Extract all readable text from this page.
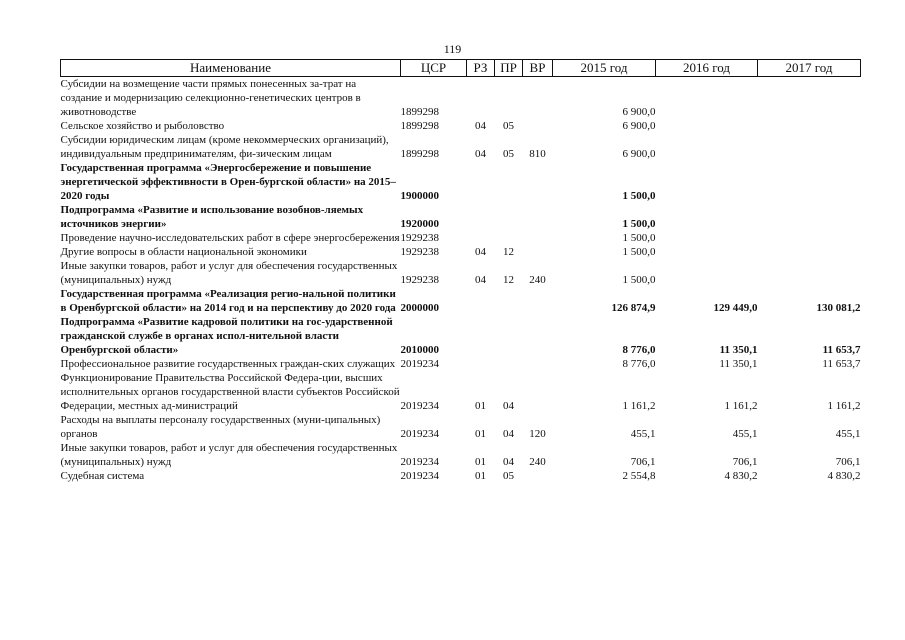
119
Наименование	ЦСР	РЗ	ПР	ВР	2015 год	2016 год	2017 год
Субсидии на возмещение части прямых понесенных за-трат на создание и модернизацию селекционно-генетических центров в животноводстве	1899298				6 900,0		
Сельское хозяйство и рыболовство	1899298	04	05		6 900,0		
Субсидии юридическим лицам (кроме некоммерческих организаций), индивидуальным предпринимателям, фи-зическим лицам	1899298	04	05	810	6 900,0		
Государственная программа «Энергосбережение и повышение энергетической эффективности в Орен-бургской области» на 2015–2020 годы	1900000				1 500,0		
Подпрограмма «Развитие и использование возобнов-ляемых источников энергии»	1920000				1 500,0		
Проведение научно-исследовательских работ в сфере энергосбережения	1929238				1 500,0		
Другие вопросы в области национальной экономики	1929238	04	12		1 500,0		
Иные закупки товаров, работ и услуг для обеспечения государственных (муниципальных) нужд	1929238	04	12	240	1 500,0		
Государственная программа «Реализация регио-нальной политики в Оренбургской области» на 2014 год и на перспективу до 2020 года	2000000				126 874,9	129 449,0	130 081,2
Подпрограмма «Развитие кадровой политики на гос-ударственной гражданской службе в органах испол-нительной власти Оренбургской области»	2010000				8 776,0	11 350,1	11 653,7
Профессиональное развитие государственных граждан-ских служащих	2019234				8 776,0	11 350,1	11 653,7
Функционирование Правительства Российской Федера-ции, высших исполнительных органов государственной власти субъектов Российской Федерации, местных ад-министраций	2019234	01	04		1 161,2	1 161,2	1 161,2
Расходы на выплаты персоналу государственных (муни-ципальных) органов	2019234	01	04	120	455,1	455,1	455,1
Иные закупки товаров, работ и услуг для обеспечения государственных (муниципальных) нужд	2019234	01	04	240	706,1	706,1	706,1
Судебная система	2019234	01	05		2 554,8	4 830,2	4 830,2
